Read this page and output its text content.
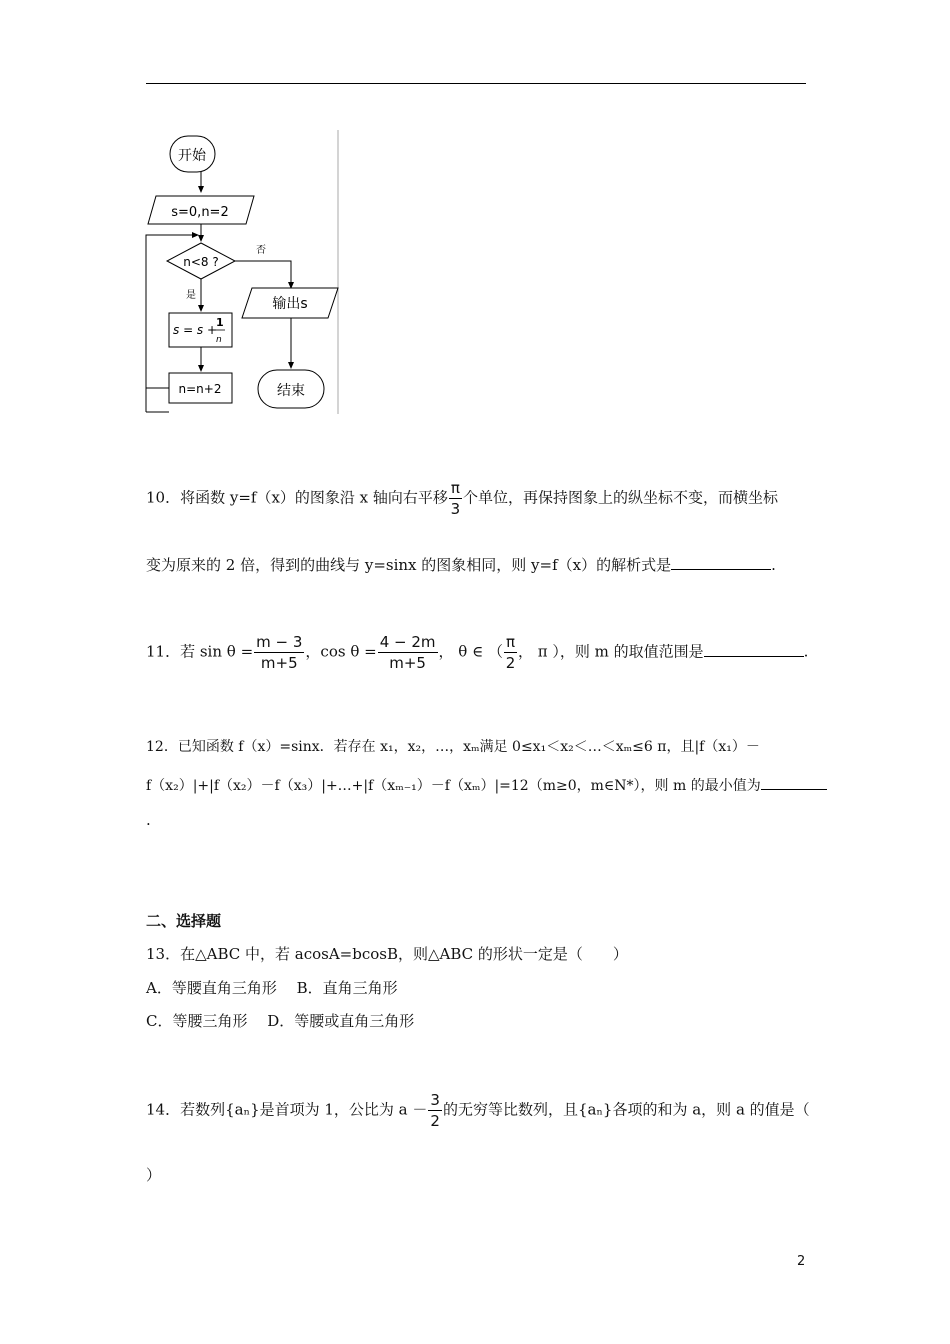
开始
s=0,n=2
n<8 ?
否
是
s = s +
1
n
n=n+2
输出s
结束
10．将函数 y=f（x）的图象沿 x 轴向右平移 $\frac{\pi}{3}$ 个单位，再保持图象上的纵坐标不变，而横坐标
变为原来的 2 倍，得到的曲线与 y=sinx 的图象相同，则 y=f（x）的解析式是	.
11．若 $\sin \theta = \frac{m - 3}{m+5}$ ，$\cos \theta = \frac{4 - 2m}{m+5}$ ， θ ∈ （ $\frac{\pi}{2}$ ， π ），则 m 的取值范围是	.
12．已知函数 f（x）=sinx．若存在 x₁，x₂，…，xₘ满足 0≤x₁＜x₂＜…＜xₘ≤6 π，且|f（x₁）－
f（x₂）|+|f（x₂）－f（x₃）|+…+|f（xₘ₋₁）－f（xₘ）|=12（m≥0，m∈N*），则 m 的最小值为
.
二、选择题
13．在△ABC 中，若 acosA=bcosB，则△ABC 的形状一定是（　　）
A．等腰直角三角形　 B．直角三角形
C．等腰三角形　 D．等腰或直角三角形
14．若数列{aₙ}是首项为 1，公比为 $a - \frac{3}{2}$ 的无穷等比数列，且{aₙ}各项的和为 a，则 a 的值是（
）
2
